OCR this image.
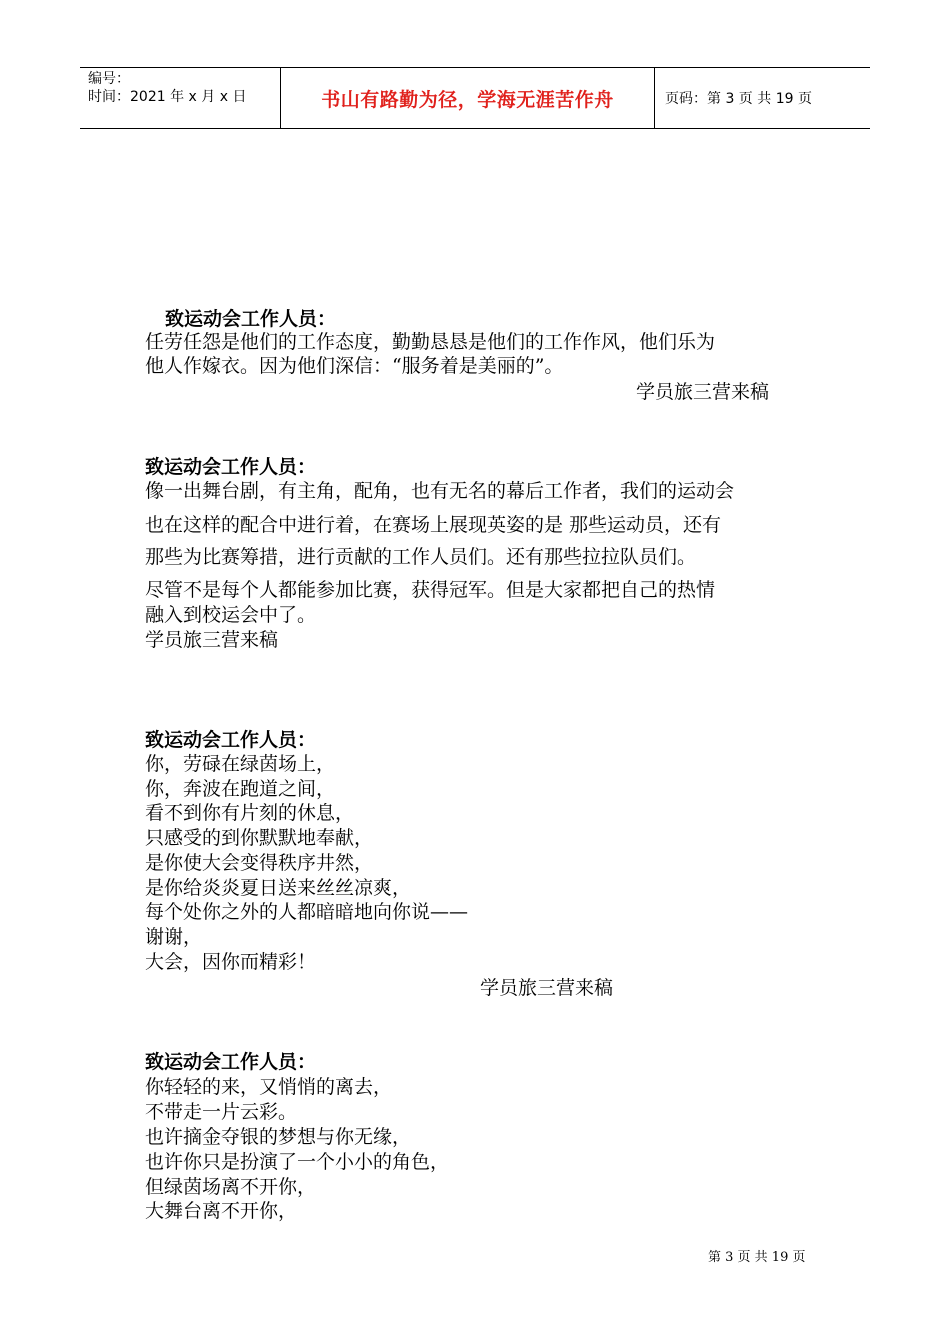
编号：
时间：2021 年 x 月 x 日	书山有路勤为径，学海无涯苦作舟	页码：第 3 页 共 19 页
致运动会工作人员：
任劳任怨是他们的工作态度，勤勤恳恳是他们的工作作风，他们乐为
他人作嫁衣。因为他们深信：“服务着是美丽的”。
学员旅三营来稿
致运动会工作人员：
像一出舞台剧，有主角，配角，也有无名的幕后工作者，我们的运动会
也在这样的配合中进行着，在赛场上展现英姿的是 那些运动员，还有
那些为比赛筹措，进行贡献的工作人员们。还有那些拉拉队员们。
尽管不是每个人都能参加比赛，获得冠军。但是大家都把自己的热情
融入到校运会中了。
学员旅三营来稿
致运动会工作人员：
你，劳碌在绿茵场上，
你，奔波在跑道之间，
看不到你有片刻的休息，
只感受的到你默默地奉献，
是你使大会变得秩序井然，
是你给炎炎夏日送来丝丝凉爽，
每个处你之外的人都暗暗地向你说——
谢谢，
大会，因你而精彩！
学员旅三营来稿
致运动会工作人员：
你轻轻的来，又悄悄的离去，
不带走一片云彩。
也许摘金夺银的梦想与你无缘，
也许你只是扮演了一个小小的角色，
但绿茵场离不开你，
大舞台离不开你，
第 3 页 共 19 页
